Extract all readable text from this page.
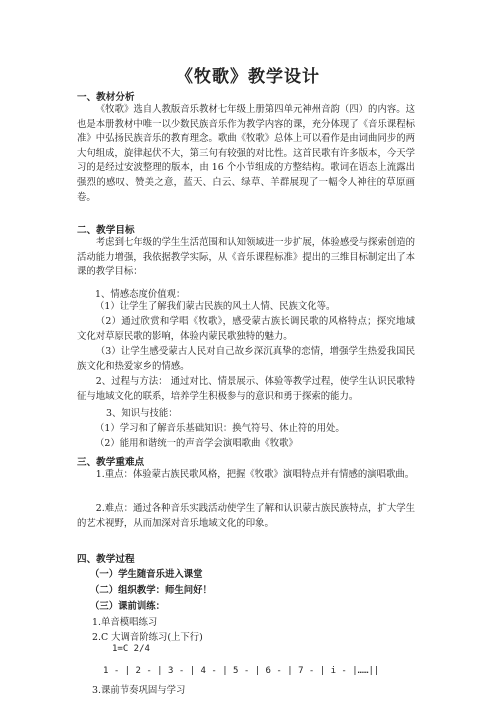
《牧歌》教学设计
一、教材分析

《牧歌》选自人教版音乐教材七年级上册第四单元神州音韵（四）的内容。这也是本册教材中唯一以少数民族音乐作为教学内容的课，充分体现了《音乐课程标准》中弘扬民族音乐的教育理念。歌曲《牧歌》总体上可以看作是由词曲同步的两大句组成，旋律起伏不大，第三句有较强的对比性。这首民歌有许多版本，今天学习的是经过安波整理的版本，由 16 个小节组成的方整结构。歌词在语态上流露出强烈的感叹、赞美之意，蓝天、白云、绿草、羊群展现了一幅令人神往的草原画卷。

二、教学目标

考虑到七年级的学生生活范围和认知领域进一步扩展，体验感受与探索创造的活动能力增强，我依据教学实际，从《音乐课程标准》提出的三维目标制定出了本课的教学目标：

1、情感态度价值观：

（1）让学生了解我们蒙古民族的风土人情、民族文化等。

（2）通过欣赏和学唱《牧歌》，感受蒙古族长调民歌的风格特点；探究地域文化对草原民歌的影响，体验内蒙民歌独特的魅力。

（3）让学生感受蒙古人民对自己故乡深沉真挚的恋情，增强学生热爱我国民族文化和热爱家乡的情感。

2、过程与方法： 通过对比、情景展示、体验等教学过程，使学生认识民歌特征与地域文化的联系，培养学生积极参与的意识和勇于探索的能力。

3、知识与技能：
（1）学习和了解音乐基础知识：换气符号、休止符的用处。
（2）能用和谐统一的声音学会演唱歌曲《牧歌》
三、教学重难点

1.重点：体验蒙古族民歌风格，把握《牧歌》演唱特点并有情感的演唱歌曲。

2.难点：通过各种音乐实践活动使学生了解和认识蒙古族民族特点，扩大学生的艺术视野，从而加深对音乐地域文化的印象。

四、教学过程
（一）学生随音乐进入课堂
（二）组织教学：师生问好！
（三）课前训练：
1.单音模唱练习
2.C 大调音阶练习(上下行)
1=C 2/4
1 - | 2 - | 3 - | 4 - | 5 - | 6 - | 7 - | i - |……||
3.课前节奏巩固与学习
